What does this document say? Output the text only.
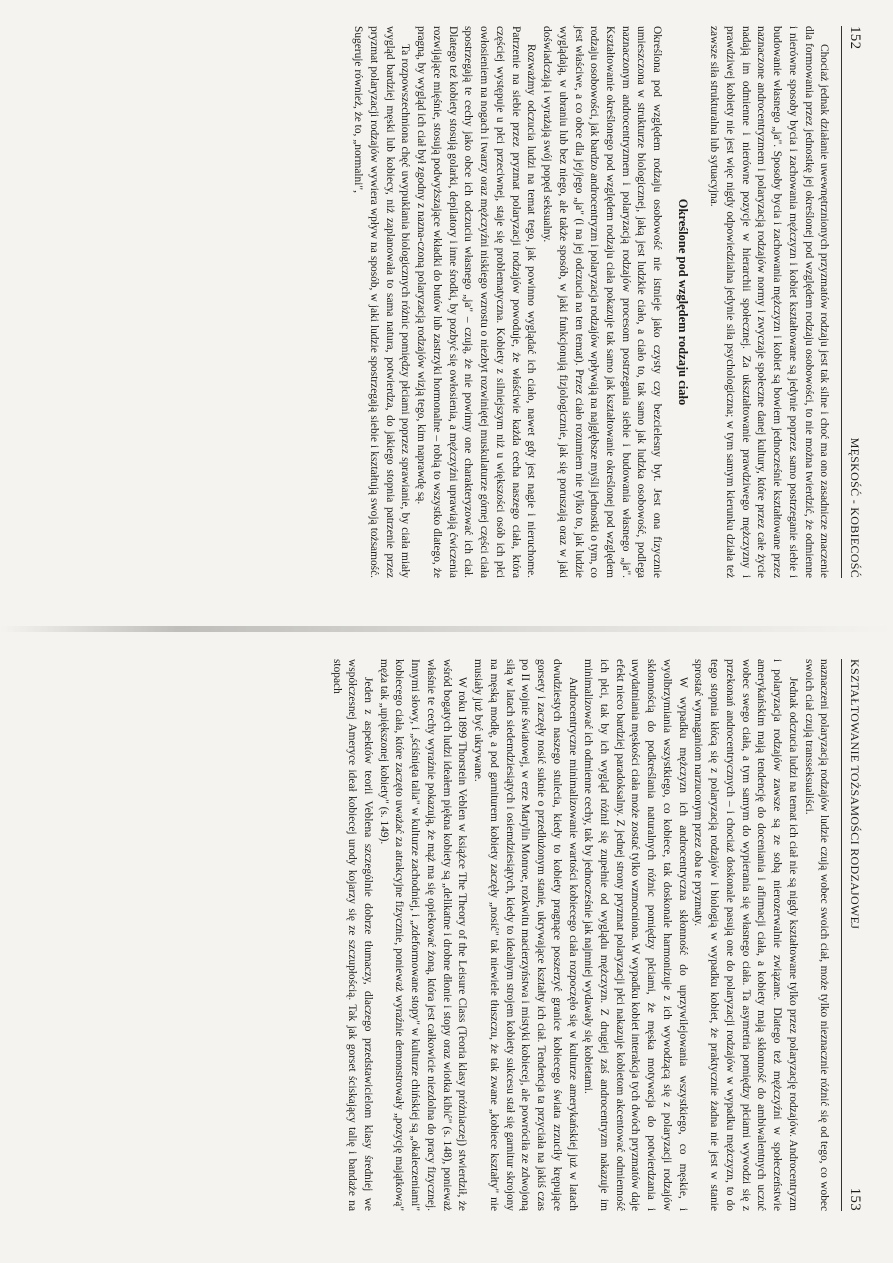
152
MĘSKOŚĆ - KOBIECOŚĆ

Chociaż jednak działanie uwewnętrznionych przyzmatów rodzaju jest tak silne i choć ma ono zasadnicze znaczenie dla formowania przez jednostkę jej określonej pod względem rodzaju osobowości, to nie można twierdzić, że odmienne i nierówne sposoby bycia i zachowania mężczyzn i kobiet kształtowane są jedynie poprzez samo postrzeganie siebie i budowanie własnego „ja". Sposoby bycia i zachowania mężczyzn i kobiet są bowiem jednocześnie kształtowane przez naznaczone androcentryzmem i polaryzacją rodzajów normy i zwyczaje społeczne danej kultury, które przez całe życie nadają im odmienne i nierówne pozycje w hierarchii społecznej. Za ukształtowanie prawdziwego mężczyzny i prawdziwej kobiety nie jest więc nigdy odpowiedzialna jedynie siła psychologiczna; w tym samym kierunku działa też zawsze siła strukturalna lub sytuacyjna.

Określone pod względem rodzaju ciało

Określona pod względem rodzaju osobowość nie istnieje jako czysty czy bezcielesny byt. Jest ona fizycznie umieszczona w strukturze biologicznej, jaką jest ludzkie ciało, a ciało to, tak samo jak ludzka osobowość, podlega naznaczonym androcentryzmem i polaryzacją rodzajów procesom postrzegania siebie i budowania własnego „ja". Kształtowanie określonego pod względem rodzaju ciała pokazuje tak samo jak kształtowanie określonej pod względem rodzaju osobowości, jak bardzo androcentryzm i polaryzacja rodzajów wpływają na najgłębsze myśli jednostki o tym, co jest właściwe, a co obce dla jej/jego „ja" (i na jej odczucia na ten temat). Przez ciało rozumiem nie tylko to, jak ludzie wyglądają, w ubraniu lub bez niego, ale także sposób, w jaki funkcjonują fizjologicznie, jak się poruszają oraz w jaki doświadczają i wyrażają swój popęd seksualny.

Rozważmy odczucia ludzi na temat tego, jak powinno wyglądać ich ciało, nawet gdy jest nagie i nieruchome. Patrzenie na siebie przez pryzmat polaryzacji rodzajów powoduje, że właściwie każda cecha naszego ciała, która częściej występuje u płci przeciwnej, staje się problematyczna. Kobiety z silniejszym niż u większości osób ich płci owłosieniem na nogach i twarzy oraz mężczyźni niskiego wzrostu o niezbyt rozwiniętej muskulaturze górnej części ciała spostrzegają te cechy jako obce ich odczuciu własnego „ja" – czują, że nie powinny one charakteryzować ich ciał. Dlatego też kobiety stosują golarki, depilatory i inne środki, by pozbyć się owłosienia, a mężczyźni uprawiają ćwiczenia rozwijające mięśnie, stosują podwyższające wkładki do butów lub zastrzyki hormonalne – robią to wszystko dlatego, że pragną, by wygląd ich ciał był zgodny z nazna-czoną polaryzacją rodzajów wizją tego, kim naprawdę są.

Ta rozpowszechniona chęć uwypuklania biologicznych różnic pomiędzy płciami poprzez sprawianie, by ciała miały wygląd bardziej męski lub kobiecy, niż zaplanowała to sama natura, potwierdza, do jakiego stopnia patrzenie przez pryzmat polaryzacji rodzajów wywiera wpływ na sposób, w jaki ludzie spostrzegają siebie i kształtują swoją tożsamość. Sugeruje również, że to, „normalni",

KSZTAŁTOWANIE TOŻSAMOŚCI RODZAJOWEJ
153

naznaczeni polaryzacją rodzajów ludzie czują wobec swoich ciał, może tylko nieznacznie różnić się od tego, co wobec swoich ciał czują transseksualiści.

Jednak odczucia ludzi na temat ich ciał nie są nigdy kształtowane tylko przez polaryzację rodzajów. Androcentryzm i polaryzacja rodzajów zawsze są ze sobą nierozerwalnie związane. Dlatego też mężczyźni w społeczeństwie amerykańskim mają tendencję do doceniania i afirmacji ciała, a kobiety mają skłonność do ambiwalentnych uczuć wobec swego ciała, a tym samym do wypierania się własnego ciała. Ta asymetria pomiędzy płciami wywodzi się z przekonań androcentrycznych – i chociaż doskonale pasują one do polaryzacji rodzajów w wypadku mężczyzn, to do tego stopnia kłócą się z polaryzacją rodzajów i biologią w wypadku kobiet, że praktycznie żadna nie jest w stanie sprostać wymaganiom narzuconym przez oba te pryzmaty.

W wypadku mężczyzn ich androcentryczna skłonność do uprzywilejowania wszystkiego, co męskie, i wyolbrzymiania wszystkiego, co kobiece, tak doskonale harmonizuje z ich wywodzącą się z polaryzacji rodzajów skłonnością do podkreślania naturalnych różnic pomiędzy płciami, że męska motywacja do potwierdzania i uwydatniania męskości ciała może zostać tylko wzmocniona. W wypadku kobiet interakcja tych dwóch pryzmatów daje efekt nieco bardziej paradoksalny. Z jednej strony pryzmat polaryzacji płci nakazuje kobietom akcentować odmienność ich płci, tak by ich wygląd różnił się zupełnie od wyglądu mężczyzn. Z drugiej zaś androcentryzm nakazuje im minimalizować ich odmienne cechy, tak by jednocześnie jak najmniej wydawały się kobietami.

Androcentryczne minimalizowanie wartości kobiecego ciała rozpoczęło się w kulturze amerykańskiej już w latach dwudziestych naszego stulecia, kiedy to kobiety pragnące poszerzyć granice kobiecego świata zrzuciły krępujące gorsety i zaczęły nosić suknie o przedłużonym stanie, ukrywające kształty ich ciał. Tendencja ta przyciała na jakiś czas po II wojnie światowej, w erze Marylin Monroe, rozkwitu macierzyństwa i mistyki kobiecej, ale powróciła ze zdwojoną siłą w latach siedemdziesiątych i osiemdziesiątych, kiedy to idealnym strojem kobiety sukcesu stał się garnitur skrojony na męską modłę, a pod garniturem kobiety zaczęły „nosić" tak niewiele tłuszczu, że tak zwane „kobiece kształty" nie musiały już być ukrywane.

W roku 1899 Thorstein Veblen w książce The Theory of the Leisure Class (Teoria klasy próżniaczej) stwierdził, że wśród bogatych ludzi ideałem piękna kobiety są „delikatne i drobne dłonie i stopy oraz wiotka kibić" (s. 148), ponieważ właśnie te cechy wyraźnie pokazują, że mąż ma się opiekować żoną, która jest całkowicie niezdolna do pracy fizycznej. Innymi słowy, i „ściśnięta talia" w kulturze zachodniej, i „zdeformowane stopy" w kulturze chińskiej są „okaleczeniami" kobiecego ciała, które zaczęto uważać za atrakcyjne fizycznie, ponieważ wyraźnie demonstrowały „pozycję majątkową" męża tak „upiększonej kobiety" (s. 149).

Jeden z aspektów teorii Veblena szczególnie dobrze tłumaczy, dlaczego przedstawicielom klasy średniej we współczesnej Ameryce ideał kobiecej urody kojarzy się ze szczupłością. Tak jak gorset ściskający talię i bandaże na stopach
